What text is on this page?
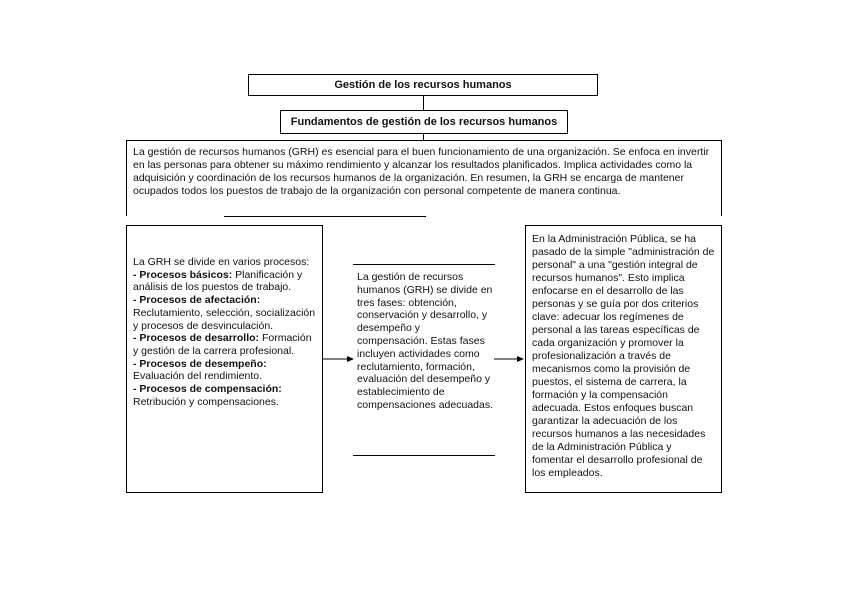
Gestión de los recursos humanos
Fundamentos de gestión de los recursos humanos

La gestión de recursos humanos (GRH) es esencial para el buen funcionamiento de una organización. Se enfoca en invertir en las personas para obtener su máximo rendimiento y alcanzar los resultados planificados. Implica actividades como la adquisición y coordinación de los recursos humanos de la organización. En resumen, la GRH se encarga de mantener ocupados todos los puestos de trabajo de la organización con personal competente de manera continua.

La GRH se divide en varios procesos:

- Procesos básicos: Planificación y análisis de los puestos de trabajo.

- Procesos de afectación: Reclutamiento, selección, socialización y procesos de desvinculación.

- Procesos de desarrollo: Formación y gestión de la carrera profesional.

- Procesos de desempeño: Evaluación del rendimiento.

- Procesos de compensación: Retribución y compensaciones.

La gestión de recursos humanos (GRH) se divide en tres fases: obtención, conservación y desarrollo, y desempeño y compensación. Estas fases incluyen actividades como reclutamiento, formación, evaluación del desempeño y establecimiento de compensaciones adecuadas.

En la Administración Pública, se ha pasado de la simple "administración de personal" a una "gestión integral de recursos humanos". Esto implica enfocarse en el desarrollo de las personas y se guía por dos criterios clave: adecuar los regímenes de personal a las tareas específicas de cada organización y promover la profesionalización a través de mecanismos como la provisión de puestos, el sistema de carrera, la formación y la compensación adecuada. Estos enfoques buscan garantizar la adecuación de los recursos humanos a las necesidades de la Administración Pública y fomentar el desarrollo profesional de los empleados.
